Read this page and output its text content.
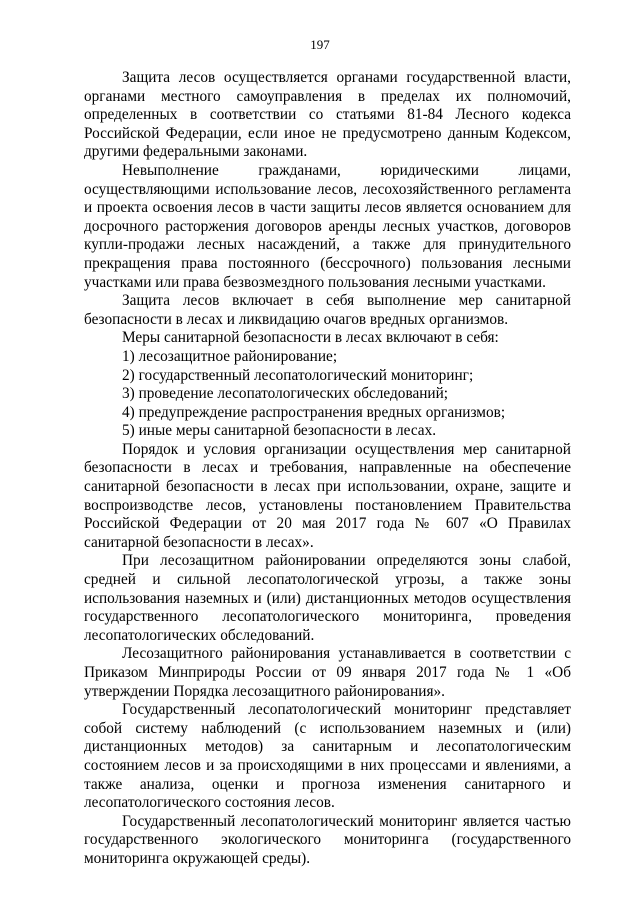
197

Защита лесов осуществляется органами государственной власти, органами местного самоуправления в пределах их полномочий, определенных в соответствии со статьями 81-84 Лесного кодекса Российской Федерации, если иное не предусмотрено данным Кодексом, другими федеральными законами.

Невыполнение гражданами, юридическими лицами, осуществляющими использование лесов, лесохозяйственного регламента и проекта освоения лесов в части защиты лесов является основанием для досрочного расторжения договоров аренды лесных участков, договоров купли-продажи лесных насаждений, а также для принудительного прекращения права постоянного (бессрочного) пользования лесными участками или права безвозмездного пользования лесными участками.

Защита лесов включает в себя выполнение мер санитарной безопасности в лесах и ликвидацию очагов вредных организмов.

Меры санитарной безопасности в лесах включают в себя:

1) лесозащитное районирование;

2) государственный лесопатологический мониторинг;

3) проведение лесопатологических обследований;

4) предупреждение распространения вредных организмов;

5) иные меры санитарной безопасности в лесах.

Порядок и условия организации осуществления мер санитарной безопасности в лесах и требования, направленные на обеспечение санитарной безопасности в лесах при использовании, охране, защите и воспроизводстве лесов, установлены постановлением Правительства Российской Федерации от 20 мая 2017 года № 607 «О Правилах санитарной безопасности в лесах».

При лесозащитном районировании определяются зоны слабой, средней и сильной лесопатологической угрозы, а также зоны использования наземных и (или) дистанционных методов осуществления государственного лесопатологического мониторинга, проведения лесопатологических обследований.

Лесозащитного районирования устанавливается в соответствии с Приказом Минприроды России от 09 января 2017 года № 1 «Об утверждении Порядка лесозащитного районирования».

Государственный лесопатологический мониторинг представляет собой систему наблюдений (с использованием наземных и (или) дистанционных методов) за санитарным и лесопатологическим состоянием лесов и за происходящими в них процессами и явлениями, а также анализа, оценки и прогноза изменения санитарного и лесопатологического состояния лесов.

Государственный лесопатологический мониторинг является частью государственного экологического мониторинга (государственного мониторинга окружающей среды).
